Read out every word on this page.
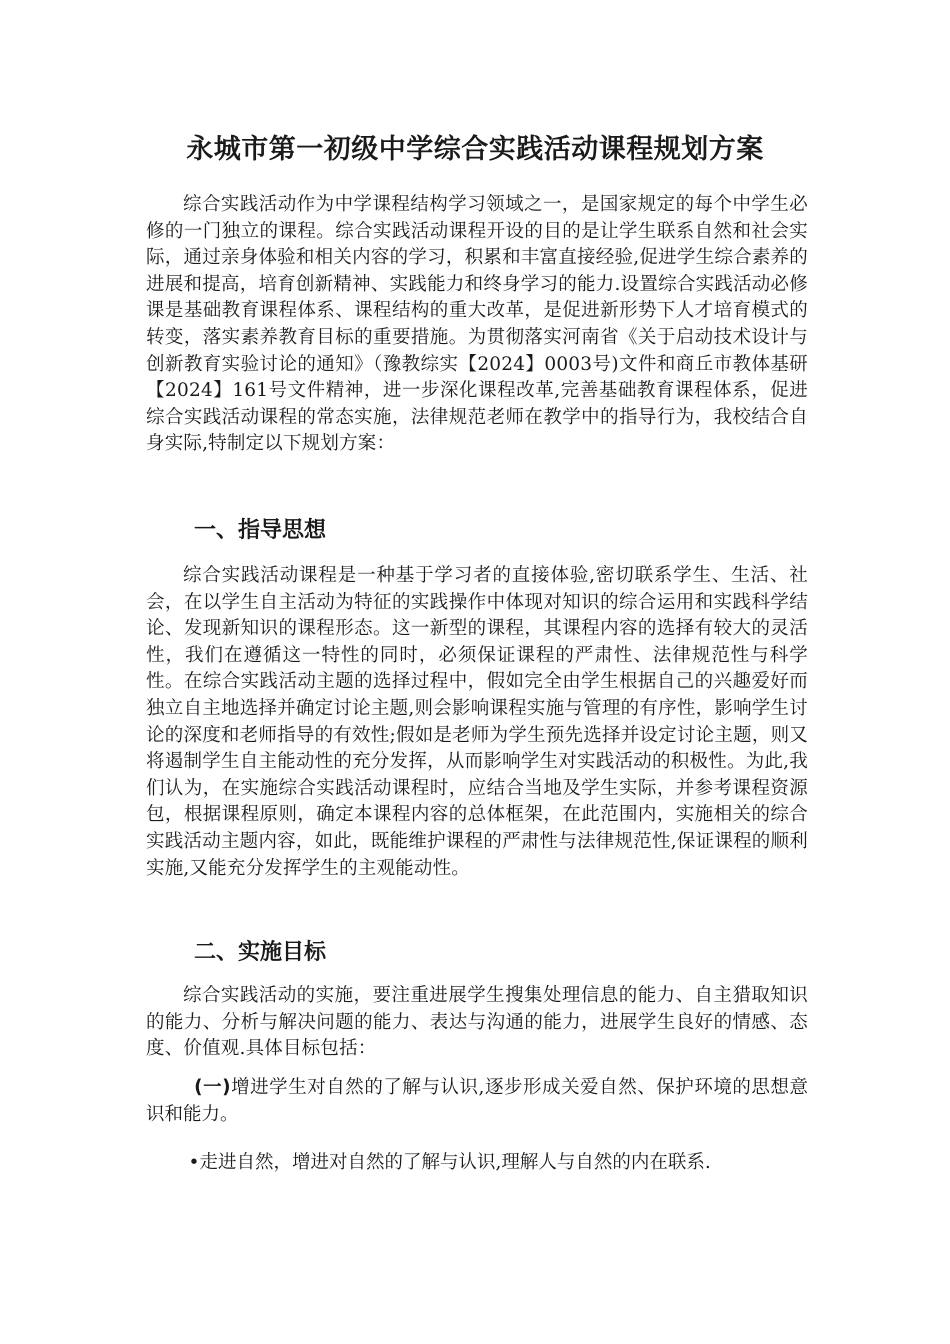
永城市第一初级中学综合实践活动课程规划方案

综合实践活动作为中学课程结构学习领域之一，是国家规定的每个中学生必修的一门独立的课程。综合实践活动课程开设的目的是让学生联系自然和社会实际，通过亲身体验和相关内容的学习，积累和丰富直接经验,促进学生综合素养的进展和提高，培育创新精神、实践能力和终身学习的能力.设置综合实践活动必修课是基础教育课程体系、课程结构的重大改革，是促进新形势下人才培育模式的转变，落实素养教育目标的重要措施。为贯彻落实河南省《关于启动技术设计与创新教育实验讨论的通知》（豫教综实【2024】0003号)文件和商丘市教体基研【2024】161号文件精神，进一步深化课程改革,完善基础教育课程体系，促进综合实践活动课程的常态实施，法律规范老师在教学中的指导行为，我校结合自身实际,特制定以下规划方案：

一、指导思想

综合实践活动课程是一种基于学习者的直接体验,密切联系学生、生活、社会，在以学生自主活动为特征的实践操作中体现对知识的综合运用和实践科学结论、发现新知识的课程形态。这一新型的课程，其课程内容的选择有较大的灵活性，我们在遵循这一特性的同时，必须保证课程的严肃性、法律规范性与科学性。在综合实践活动主题的选择过程中，假如完全由学生根据自己的兴趣爱好而独立自主地选择并确定讨论主题,则会影响课程实施与管理的有序性，影响学生讨论的深度和老师指导的有效性;假如是老师为学生预先选择并设定讨论主题，则又将遏制学生自主能动性的充分发挥，从而影响学生对实践活动的积极性。为此,我们认为，在实施综合实践活动课程时，应结合当地及学生实际，并参考课程资源包，根据课程原则，确定本课程内容的总体框架，在此范围内，实施相关的综合实践活动主题内容，如此，既能维护课程的严肃性与法律规范性,保证课程的顺利实施,又能充分发挥学生的主观能动性。

二、实施目标

综合实践活动的实施，要注重进展学生搜集处理信息的能力、自主猎取知识的能力、分析与解决问题的能力、表达与沟通的能力，进展学生良好的情感、态度、价值观.具体目标包括：

(一)增进学生对自然的了解与认识,逐步形成关爱自然、保护环境的思想意识和能力。

•走进自然，增进对自然的了解与认识,理解人与自然的内在联系.
